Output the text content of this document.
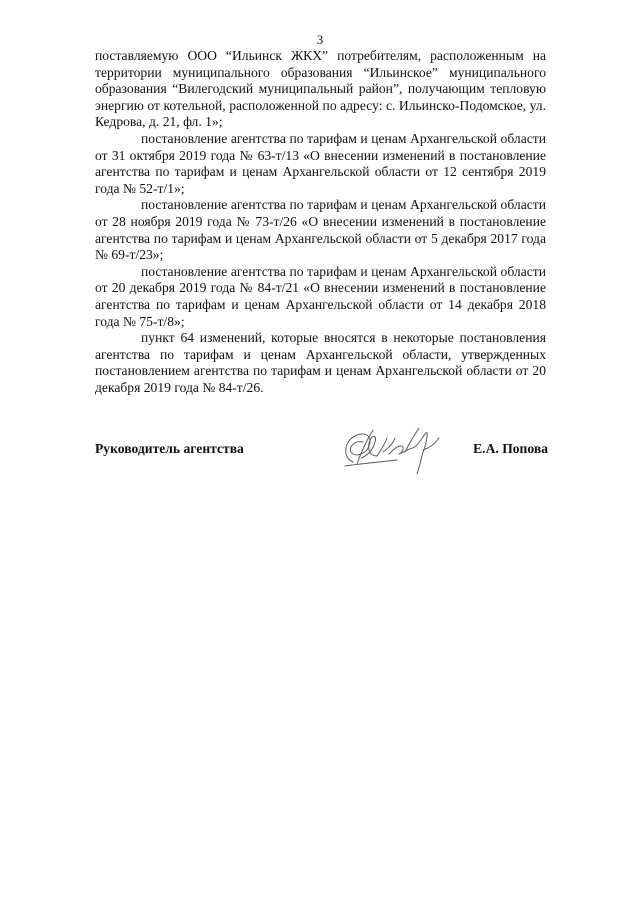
3

поставляемую ООО “Ильинск ЖКХ” потребителям, расположенным на территории муниципального образования “Ильинское” муниципального образования “Вилегодский муниципальный район”, получающим тепловую энергию от котельной, расположенной по адресу: с. Ильинско-Подомское, ул. Кедрова, д. 21, фл. 1»;

постановление агентства по тарифам и ценам Архангельской области от 31 октября 2019 года № 63-т/13 «О внесении изменений в постановление агентства по тарифам и ценам Архангельской области от 12 сентября 2019 года № 52-т/1»;

постановление агентства по тарифам и ценам Архангельской области от 28 ноября 2019 года № 73-т/26 «О внесении изменений в постановление агентства по тарифам и ценам Архангельской области от 5 декабря 2017 года № 69-т/23»;

постановление агентства по тарифам и ценам Архангельской области от 20 декабря 2019 года № 84-т/21 «О внесении изменений в постановление агентства по тарифам и ценам Архангельской области от 14 декабря 2018 года № 75-т/8»;

пункт 64 изменений, которые вносятся в некоторые постановления агентства по тарифам и ценам Архангельской области, утвержденных постановлением агентства по тарифам и ценам Архангельской области от 20 декабря 2019 года № 84-т/26.

Руководитель агентства	Е.А. Попова
